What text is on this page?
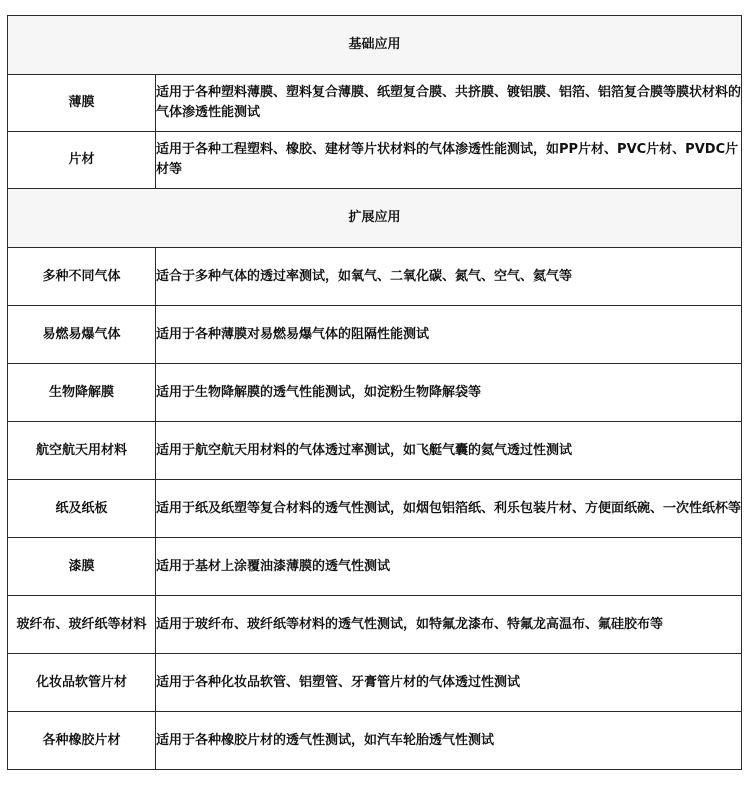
基础应用	
薄膜	适用于各种塑料薄膜、塑料复合薄膜、纸塑复合膜、共挤膜、镀铝膜、铝箔、铝箔复合膜等膜状材料的气体渗透性能测试
片材	适用于各种工程塑料、橡胶、建材等片状材料的气体渗透性能测试，如PP片材、PVC片材、PVDC片材等
扩展应用	
多种不同气体	适合于多种气体的透过率测试，如氧气、二氧化碳、氮气、空气、氦气等
易燃易爆气体	适用于各种薄膜对易燃易爆气体的阻隔性能测试
生物降解膜	适用于生物降解膜的透气性能测试，如淀粉生物降解袋等
航空航天用材料	适用于航空航天用材料的气体透过率测试，如飞艇气囊的氦气透过性测试
纸及纸板	适用于纸及纸塑等复合材料的透气性测试，如烟包铝箔纸、利乐包装片材、方便面纸碗、一次性纸杯等
漆膜	适用于基材上涂覆油漆薄膜的透气性测试
玻纤布、玻纤纸等材料	适用于玻纤布、玻纤纸等材料的透气性测试，如特氟龙漆布、特氟龙高温布、氟硅胶布等
化妆品软管片材	适用于各种化妆品软管、铝塑管、牙膏管片材的气体透过性测试
各种橡胶片材	适用于各种橡胶片材的透气性测试，如汽车轮胎透气性测试
